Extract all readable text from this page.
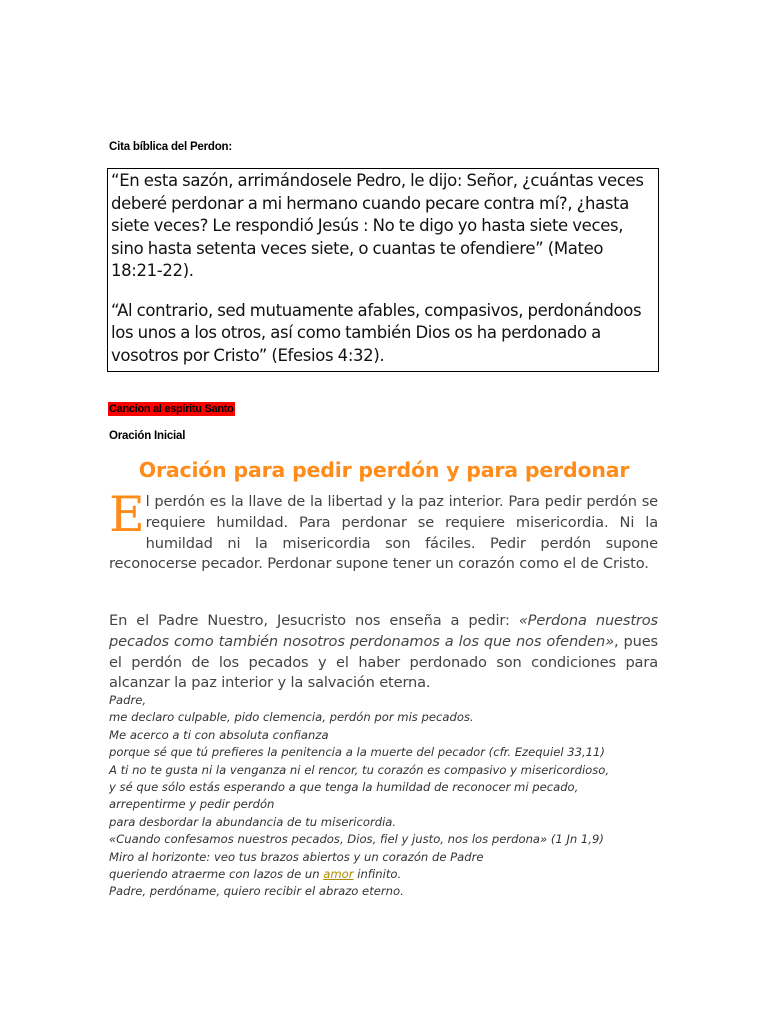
Cita bíblica del Perdon:

“En esta sazón, arrimándosele Pedro, le dijo: Señor, ¿cuántas veces deberé perdonar a mi hermano cuando pecare contra mí?, ¿hasta siete veces? Le respondió Jesús : No te digo yo hasta siete veces, sino hasta setenta veces siete, o cuantas te ofendiere” (Mateo 18:21-22).

“Al contrario, sed mutuamente afables, compasivos, perdonándoos los unos a los otros, así como también Dios os ha perdonado a vosotros por Cristo” (Efesios 4:32).

Cancion al espíritu Santo
Oración Inicial
Oración para pedir perdón y para perdonar

El perdón es la llave de la libertad y la paz interior. Para pedir perdón se requiere humildad. Para perdonar se requiere misericordia. Ni la humildad ni la misericordia son fáciles. Pedir perdón supone reconocerse pecador. Perdonar supone tener un corazón como el de Cristo.

En el Padre Nuestro, Jesucristo nos enseña a pedir: «Perdona nuestros pecados como también nosotros perdonamos a los que nos ofenden», pues el perdón de los pecados y el haber perdonado son condiciones para alcanzar la paz interior y la salvación eterna.

Padre,
me declaro culpable, pido clemencia, perdón por mis pecados.
Me acerco a ti con absoluta confianza
porque sé que tú prefieres la penitencia a la muerte del pecador (cfr. Ezequiel 33,11)
A ti no te gusta ni la venganza ni el rencor, tu corazón es compasivo y misericordioso,
y sé que sólo estás esperando a que tenga la humildad de reconocer mi pecado,
arrepentirme y pedir perdón
para desbordar la abundancia de tu misericordia.
«Cuando confesamos nuestros pecados, Dios, fiel y justo, nos los perdona» (1 Jn 1,9)
Miro al horizonte: veo tus brazos abiertos y un corazón de Padre
queriendo atraerme con lazos de un amor infinito.
Padre, perdóname, quiero recibir el abrazo eterno.
